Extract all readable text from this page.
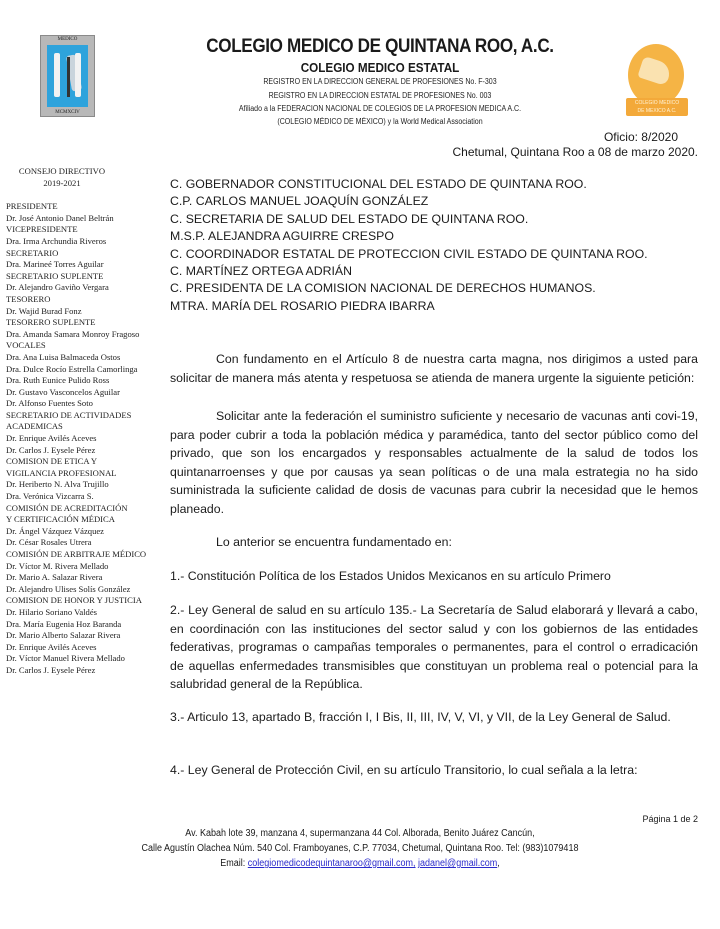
MEDICO
MCMXCIV
COLEGIO MEDICO
DE MEXICO A.C.
COLEGIO MEDICO DE QUINTANA ROO, A.C.
COLEGIO MEDICO ESTATAL
REGISTRO EN LA DIRECCION GENERAL DE PROFESIONES No. F-303
REGISTRO EN LA DIRECCION ESTATAL DE PROFESIONES No. 003
Afiliado a la FEDERACION NACIONAL DE COLEGIOS DE LA PROFESION MEDICA A.C.
(COLEGIO MÉDICO DE MÉXICO) y la World Medical Association
Oficio: 8/2020
Chetumal, Quintana Roo a 08 de marzo 2020.
CONSEJO DIRECTIVO
2019-2021
PRESIDENTE
Dr. José Antonio Danel Beltrán
VICEPRESIDENTE
Dra. Irma Archundia Riveros
SECRETARIO
Dra. Marineé Torres Aguilar
SECRETARIO SUPLENTE
Dr. Alejandro Gaviño Vergara
TESORERO
Dr. Wajid Burad Fonz
TESORERO SUPLENTE
Dra. Amanda Samara Monroy Fragoso
VOCALES
Dra. Ana Luisa Balmaceda Ostos
Dra. Dulce Rocío Estrella Camorlinga
Dra. Ruth Eunice Pulido Ross
Dr. Gustavo Vasconcelos Aguilar
Dr. Alfonso Fuentes Soto
SECRETARIO DE ACTIVIDADES
ACADEMICAS
Dr. Enrique Avilés Aceves
Dr. Carlos J. Eysele Pérez
COMISION DE ETICA Y
VIGILANCIA PROFESIONAL
Dr. Heriberto N. Alva Trujillo
Dra. Verónica Vizcarra S.
COMISIÓN DE ACREDITACIÓN
Y CERTIFICACIÓN MÉDICA
Dr. Ángel Vázquez Vázquez
Dr. César Rosales Utrera
COMISIÓN DE ARBITRAJE MÉDICO
Dr. Víctor M. Rivera Mellado
Dr. Mario A. Salazar Rivera
Dr. Alejandro Ulises Solís González
COMISION DE HONOR Y JUSTICIA
Dr. Hilario Soriano Valdés
Dra. María Eugenia Hoz Baranda
Dr. Mario Alberto Salazar Rivera
Dr. Enrique Avilés Aceves
Dr. Víctor Manuel Rivera Mellado
Dr. Carlos J. Eysele Pérez
C. GOBERNADOR CONSTITUCIONAL DEL ESTADO DE QUINTANA ROO.
C.P. CARLOS MANUEL JOAQUÍN GONZÁLEZ
C. SECRETARIA DE SALUD DEL ESTADO DE QUINTANA ROO.
M.S.P. ALEJANDRA AGUIRRE CRESPO
C. COORDINADOR ESTATAL DE PROTECCION CIVIL ESTADO DE QUINTANA ROO.
C. MARTÍNEZ ORTEGA ADRIÁN
C. PRESIDENTA DE LA COMISION NACIONAL DE DERECHOS HUMANOS.
MTRA. MARÍA DEL ROSARIO PIEDRA IBARRA
Con fundamento en el Artículo 8 de nuestra carta magna, nos dirigimos a usted para solicitar de manera más atenta y respetuosa se atienda de manera urgente la siguiente petición:
Solicitar ante la federación el suministro suficiente y necesario de vacunas anti covi-19, para poder cubrir a toda la población médica y paramédica, tanto del sector público como del privado, que son los encargados y responsables actualmente de la salud de todos los quintanarroenses y que por causas ya sean políticas o de una mala estrategia no ha sido suministrada la suficiente calidad de dosis de vacunas para cubrir la necesidad que le hemos planeado.
Lo anterior se encuentra fundamentado en:
1.- Constitución Política de los Estados Unidos Mexicanos en su artículo Primero
2.- Ley General de salud en su artículo 135.- La Secretaría de Salud elaborará y llevará a cabo, en coordinación con las instituciones del sector salud y con los gobiernos de las entidades federativas, programas o campañas temporales o permanentes, para el control o erradicación de aquellas enfermedades transmisibles que constituyan un problema real o potencial para la salubridad general de la República.
3.- Articulo 13, apartado B, fracción I, I Bis, II, III, IV, V, VI, y VII, de la Ley General de Salud.
4.- Ley General de Protección Civil, en su artículo Transitorio, lo cual señala a la letra:
Página 1 de 2
Av. Kabah lote 39, manzana 4, supermanzana 44 Col. Alborada, Benito Juárez Cancún,
Calle Agustín Olachea Núm. 540 Col. Framboyanes, C.P. 77034, Chetumal, Quintana Roo. Tel: (983)1079418
Email: colegiomedicodequintanaroo@gmail.com, jadanel@gmail.com,
